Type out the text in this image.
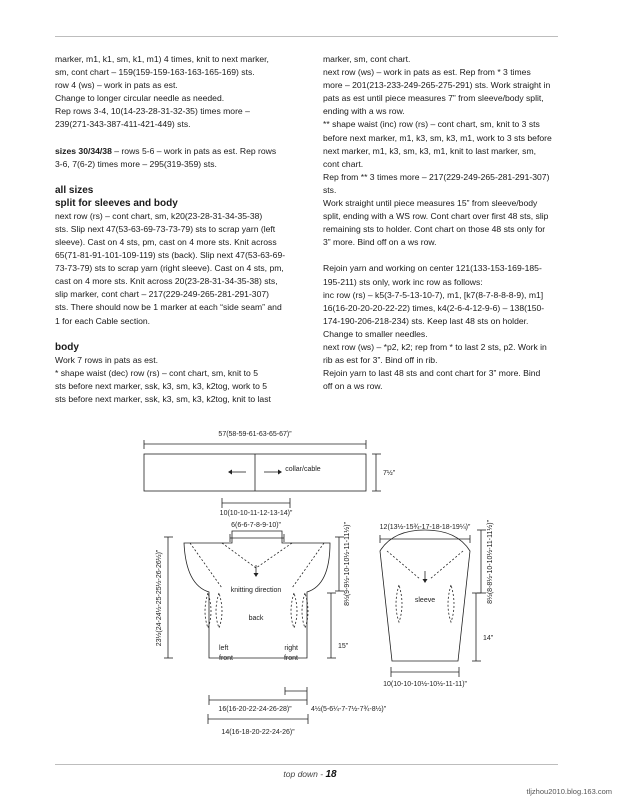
marker, m1, k1, sm, k1, m1) 4 times, knit to next marker,

sm, cont chart – 159(159-159-163-163-165-169) sts.

row 4 (ws) – work in pats as est.

Change to longer circular needle as needed.

Rep rows 3-4, 10(14-23-28-31-32-35) times more –

239(271-343-387-411-421-449) sts.

sizes 30/34/38 – rows 5-6 – work in pats as est. Rep rows

3-6, 7(6-2) times more – 295(319-359) sts.

all sizes

split for sleeves and body

next row (rs) – cont chart, sm, k20(23-28-31-34-35-38)

sts. Slip next 47(53-63-69-73-73-79) sts to scrap yarn (left

sleeve). Cast on 4 sts, pm, cast on 4 more sts. Knit across

65(71-81-91-101-109-119) sts (back). Slip next 47(53-63-69-

73-73-79) sts to scrap yarn (right sleeve). Cast on 4 sts, pm,

cast on 4 more sts. Knit across 20(23-28-31-34-35-38) sts,

slip marker, cont chart – 217(229-249-265-281-291-307)

sts. There should now be 1 marker at each “side seam” and

1 for each Cable section.

body

Work 7 rows in pats as est.

* shape waist (dec) row (rs) – cont chart, sm, knit to 5

sts before next marker, ssk, k3, sm, k3, k2tog, work to 5

sts before next marker, ssk, k3, sm, k3, k2tog, knit to last

marker, sm, cont chart.

next row (ws) – work in pats as est. Rep from * 3 times

more – 201(213-233-249-265-275-291) sts. Work straight in

pats as est until piece measures 7” from sleeve/body split,

ending with a ws row.

** shape waist (inc) row (rs) – cont chart, sm, knit to 3 sts

before next marker, m1, k3, sm, k3, m1, work to 3 sts before

next marker, m1, k3, sm, k3, m1, knit to last marker, sm,

cont chart.

Rep from ** 3 times more – 217(229-249-265-281-291-307)

sts.

Work straight until piece measures 15” from sleeve/body

split, ending with a WS row. Cont chart over first 48 sts, slip

remaining sts to holder. Cont chart on those 48 sts only for

3” more. Bind off on a ws row.

Rejoin yarn and working on center 121(133-153-169-185-

195-211) sts only, work inc row as follows:

inc row (rs) – k5(3-7-5-13-10-7), m1, [k7(8-7-8-8-8-9), m1]

16(16-20-20-20-22-22) times, k4(2-6-4-12-9-6) – 138(150-

174-190-206-218-234) sts. Keep last 48 sts on holder.

Change to smaller needles.

next row (ws) – *p2, k2; rep from * to last 2 sts, p2. Work in

rib as est for 3”. Bind off in rib.

Rejoin yarn to last 48 sts and cont chart for 3” more. Bind

off on a ws row.

57(58-59-61-63-65-67)”
collar/cable
7½”
10(10-10-11-12-13-14)”
6(6-6-7-8-9-10)”	8½(9-9½-10-10½-11-11½)”
23½(24-24½-25-25½-26-26½)”	knitting direction
back
left
front
right
front
15”
16(16-20-22-24-26-28)”	4½(5-6¼-7-7½-7¾-8½)”
14(16-18-20-22-24-26)”
12(13½-15¾-17-18-18-19¼)” 8½(8-8½-10-10½-11-11½)”
sleeve
14”
10(10-10-10½-10½-11-11)”
top down - 18
tljzhou2010.blog.163.com
